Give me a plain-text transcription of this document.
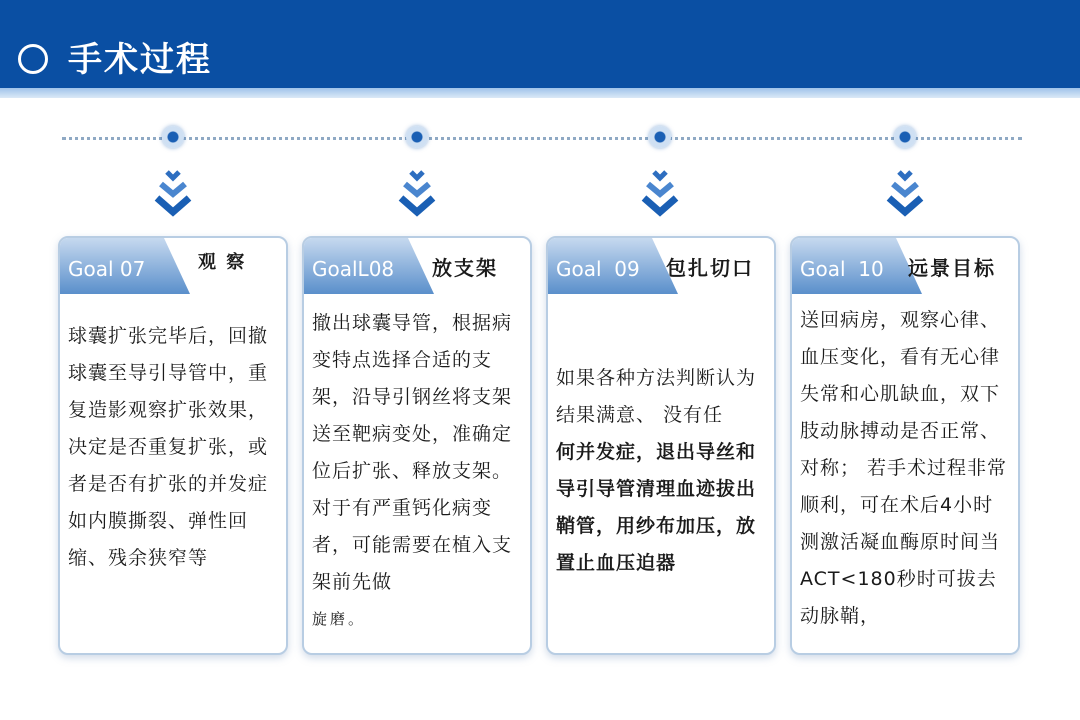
手术过程
Goal 07	观 察

球囊扩张完毕后，回撤球囊至导引导管中，重复造影观察扩张效果，决定是否重复扩张，或者是否有扩张的并发症如内膜撕裂、弹性回缩、残余狭窄等

GoalL08 放支架

撤出球囊导管，根据病变特点选择合适的支架，沿导引钢丝将支架送至靶病变处，准确定位后扩张、释放支架。对于有严重钙化病变者，可能需要在植入支架前先做

旋磨。

Goal  09 包扎切口

如果各种方法判断认为结果满意、 没有任

何并发症，退出导丝和导引导管清理血迹拔出鞘管，用纱布加压，放置止血压迫器

Goal  10 远景目标

送回病房，观察心律、血压变化，看有无心律失常和心肌缺血，双下肢动脉搏动是否正常、对称； 若手术过程非常顺利，可在术后4小时测激活凝血酶原时间当ACT<180秒时可拔去动脉鞘，
